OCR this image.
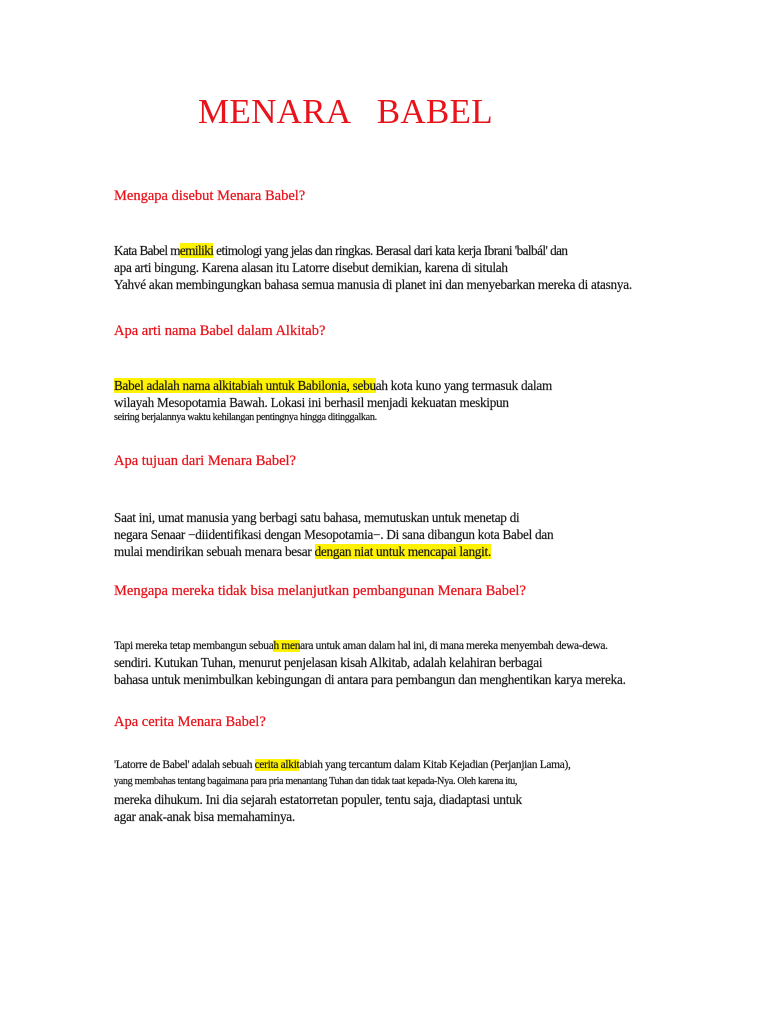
MENARA   BABEL
Mengapa disebut Menara Babel?
Kata Babel memiliki etimologi yang jelas dan ringkas. Berasal dari kata kerja Ibrani 'balbál' dan
apa arti bingung. Karena alasan itu Latorre disebut demikian, karena di situlah
Yahvé akan membingungkan bahasa semua manusia di planet ini dan menyebarkan mereka di atasnya.
Apa arti nama Babel dalam Alkitab?
Babel adalah nama alkitabiah untuk Babilonia, sebuah kota kuno yang termasuk dalam
wilayah Mesopotamia Bawah. Lokasi ini berhasil menjadi kekuatan meskipun
seiring berjalannya waktu kehilangan pentingnya hingga ditinggalkan.
Apa tujuan dari Menara Babel?
Saat ini, umat manusia yang berbagi satu bahasa, memutuskan untuk menetap di
negara Senaar −diidentifikasi dengan Mesopotamia−. Di sana dibangun kota Babel dan
mulai mendirikan sebuah menara besar dengan niat untuk mencapai langit.
Mengapa mereka tidak bisa melanjutkan pembangunan Menara Babel?
Tapi mereka tetap membangun sebuah menara untuk aman dalam hal ini, di mana mereka menyembah dewa-dewa.
sendiri. Kutukan Tuhan, menurut penjelasan kisah Alkitab, adalah kelahiran berbagai
bahasa untuk menimbulkan kebingungan di antara para pembangun dan menghentikan karya mereka.
Apa cerita Menara Babel?
'Latorre de Babel' adalah sebuah cerita alkitabiah yang tercantum dalam Kitab Kejadian (Perjanjian Lama),
yang membahas tentang bagaimana para pria menantang Tuhan dan tidak taat kepada-Nya. Oleh karena itu,
mereka dihukum. Ini dia sejarah estatorretan populer, tentu saja, diadaptasi untuk
agar anak-anak bisa memahaminya.
